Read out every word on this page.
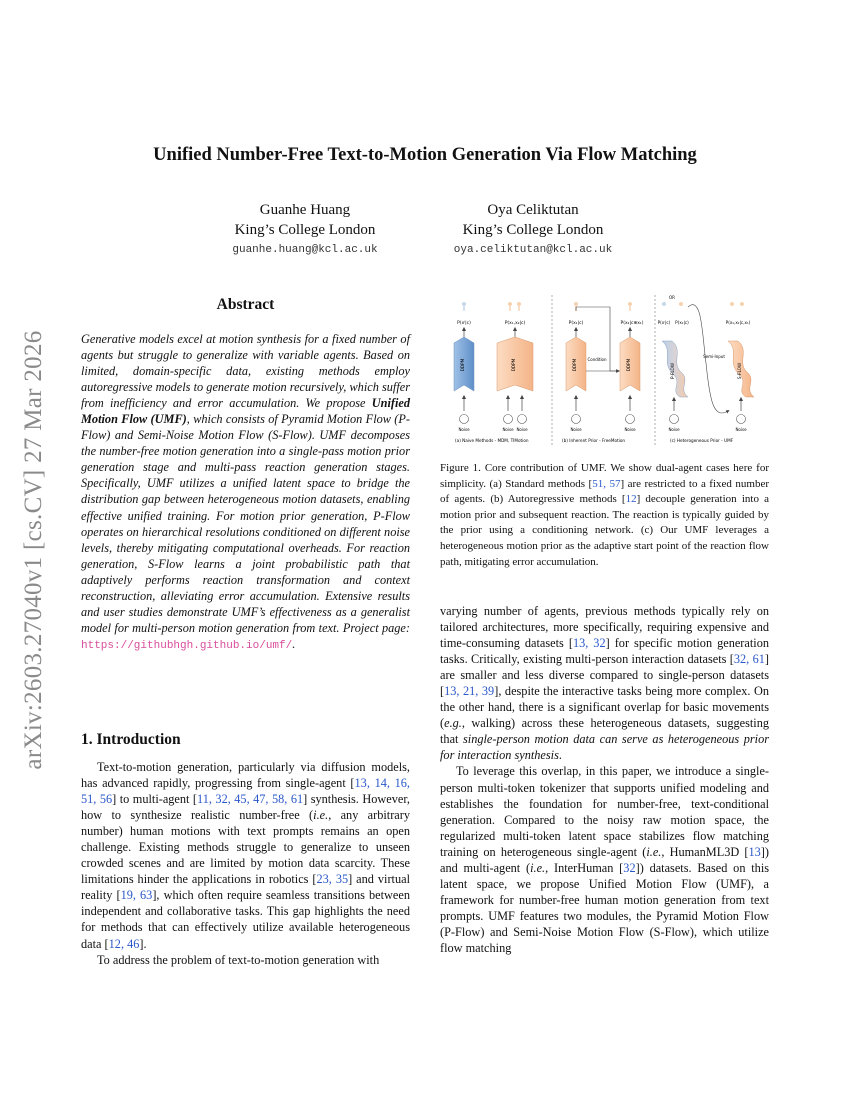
arXiv:2603.27040v1 [cs.CV] 27 Mar 2026
Unified Number-Free Text-to-Motion Generation Via Flow Matching
Guanhe Huang
King’s College London
guanhe.huang@kcl.ac.uk
Oya Celiktutan
King’s College London
oya.celiktutan@kcl.ac.uk
Abstract
Generative models excel at motion synthesis for a fixed number of agents but struggle to generalize with variable agents. Based on limited, domain-specific data, existing methods employ autoregressive models to generate motion recursively, which suffer from inefficiency and error accumulation. We propose Unified Motion Flow (UMF), which consists of Pyramid Motion Flow (P-Flow) and Semi-Noise Motion Flow (S-Flow). UMF decomposes the number-free motion generation into a single-pass motion prior generation stage and multi-pass reaction generation stages. Specifically, UMF utilizes a unified latent space to bridge the distribution gap between heterogeneous motion datasets, enabling effective unified training. For motion prior generation, P-Flow operates on hierarchical resolutions conditioned on different noise levels, thereby mitigating computational overheads. For reaction generation, S-Flow learns a joint probabilistic path that adaptively performs reaction transformation and context reconstruction, alleviating error accumulation. Extensive results and user studies demonstrate UMF’s effectiveness as a generalist model for multi-person motion generation from text. Project page: https://githubhgh.github.io/umf/.
1. Introduction

Text-to-motion generation, particularly via diffusion models, has advanced rapidly, progressing from single-agent [13, 14, 16, 51, 56] to multi-agent [11, 32, 45, 47, 58, 61] synthesis. However, how to synthesize realistic number-free (i.e., any arbitrary number) human motions with text prompts remains an open challenge. Existing methods struggle to generalize to unseen crowded scenes and are limited by motion data scarcity. These limitations hinder the applications in robotics [23, 35] and virtual reality [19, 63], which often require seamless transitions between independent and collaborative tasks. This gap highlights the need for methods that can effectively utilize available heterogeneous data [12, 46].

To address the problem of text-to-motion generation with

P(xⁱ|c)	P(x₁,x₂|c)
DDPM	DDPM
Noise	Noise Noise
(a) Naive Methods - MDM, TIMotion
P(x₁|c)	P(x₂|c⊕x₁)
DDPM	DDPM
Condition
Noise	Noise
(b) Inherent Prior - FreeMotion
OR
P(xⁱ|c) P(x₁|c)	P(x₁,x₂|c,x₁)
P-FLOW	S-FLOW
Semi-Input
Noise	Noise
(c) Heterogeneous Prior - UMF
Figure 1. Core contribution of UMF. We show dual-agent cases here for simplicity. (a) Standard methods [51, 57] are restricted to a fixed number of agents. (b) Autoregressive methods [12] decouple generation into a motion prior and subsequent reaction. The reaction is typically guided by the prior using a conditioning network. (c) Our UMF leverages a heterogeneous motion prior as the adaptive start point of the reaction flow path, mitigating error accumulation.

varying number of agents, previous methods typically rely on tailored architectures, more specifically, requiring expensive and time-consuming datasets [13, 32] for specific motion generation tasks. Critically, existing multi-person interaction datasets [32, 61] are smaller and less diverse compared to single-person datasets [13, 21, 39], despite the interactive tasks being more complex. On the other hand, there is a significant overlap for basic movements (e.g., walking) across these heterogeneous datasets, suggesting that single-person motion data can serve as heterogeneous prior for interaction synthesis.

To leverage this overlap, in this paper, we introduce a single-person multi-token tokenizer that supports unified modeling and establishes the foundation for number-free, text-conditional generation. Compared to the noisy raw motion space, the regularized multi-token latent space stabilizes flow matching training on heterogeneous single-agent (i.e., HumanML3D [13]) and multi-agent (i.e., InterHuman [32]) datasets. Based on this latent space, we propose Unified Motion Flow (UMF), a framework for number-free human motion generation from text prompts. UMF features two modules, the Pyramid Motion Flow (P-Flow) and Semi-Noise Motion Flow (S-Flow), which utilize flow matching
